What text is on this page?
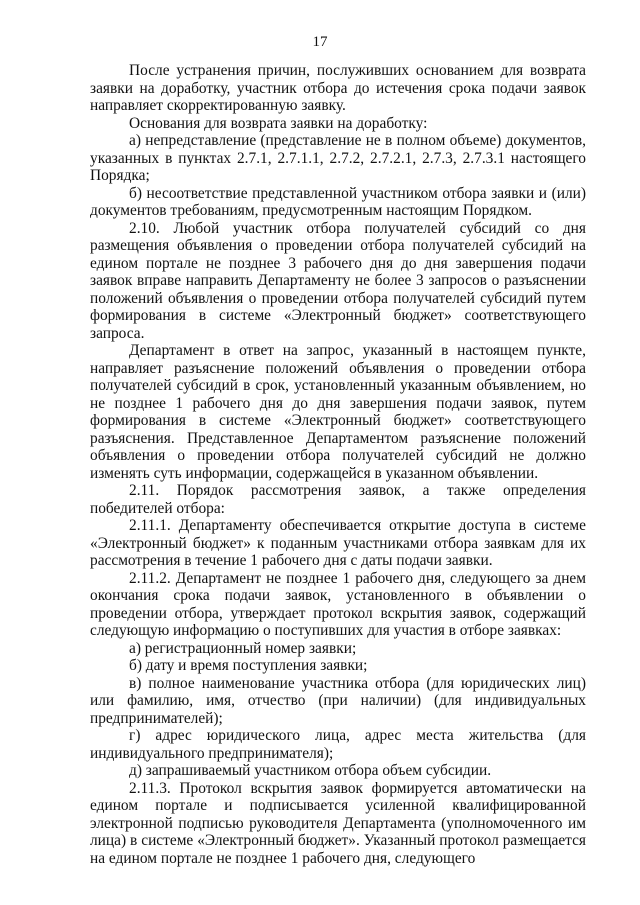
17

После устранения причин, послуживших основанием для возврата заявки на доработку, участник отбора до истечения срока подачи заявок направляет скорректированную заявку.

Основания для возврата заявки на доработку:

а) непредставление (представление не в полном объеме) документов, указанных в пунктах 2.7.1, 2.7.1.1, 2.7.2, 2.7.2.1, 2.7.3, 2.7.3.1 настоящего Порядка;

б) несоответствие представленной участником отбора заявки и (или) документов требованиям, предусмотренным настоящим Порядком.

2.10. Любой участник отбора получателей субсидий со дня размещения объявления о проведении отбора получателей субсидий на едином портале не позднее 3 рабочего дня до дня завершения подачи заявок вправе направить Департаменту не более 3 запросов о разъяснении положений объявления о проведении отбора получателей субсидий путем формирования в системе «Электронный бюджет» соответствующего запроса.

Департамент в ответ на запрос, указанный в настоящем пункте, направляет разъяснение положений объявления о проведении отбора получателей субсидий в срок, установленный указанным объявлением, но не позднее 1 рабочего дня до дня завершения подачи заявок, путем формирования в системе «Электронный бюджет» соответствующего разъяснения. Представленное Департаментом разъяснение положений объявления о проведении отбора получателей субсидий не должно изменять суть информации, содержащейся в указанном объявлении.

2.11. Порядок рассмотрения заявок, а также определения победителей отбора:

2.11.1. Департаменту обеспечивается открытие доступа в системе «Электронный бюджет» к поданным участниками отбора заявкам для их рассмотрения в течение 1 рабочего дня с даты подачи заявки.

2.11.2. Департамент не позднее 1 рабочего дня, следующего за днем окончания срока подачи заявок, установленного в объявлении о проведении отбора, утверждает протокол вскрытия заявок, содержащий следующую информацию о поступивших для участия в отборе заявках:

а) регистрационный номер заявки;

б) дату и время поступления заявки;

в) полное наименование участника отбора (для юридических лиц) или фамилию, имя, отчество (при наличии) (для индивидуальных предпринимателей);

г) адрес юридического лица, адрес места жительства (для индивидуального предпринимателя);

д) запрашиваемый участником отбора объем субсидии.

2.11.3. Протокол вскрытия заявок формируется автоматически на едином портале и подписывается усиленной квалифицированной электронной подписью руководителя Департамента (уполномоченного им лица) в системе «Электронный бюджет». Указанный протокол размещается на едином портале не позднее 1 рабочего дня, следующего
